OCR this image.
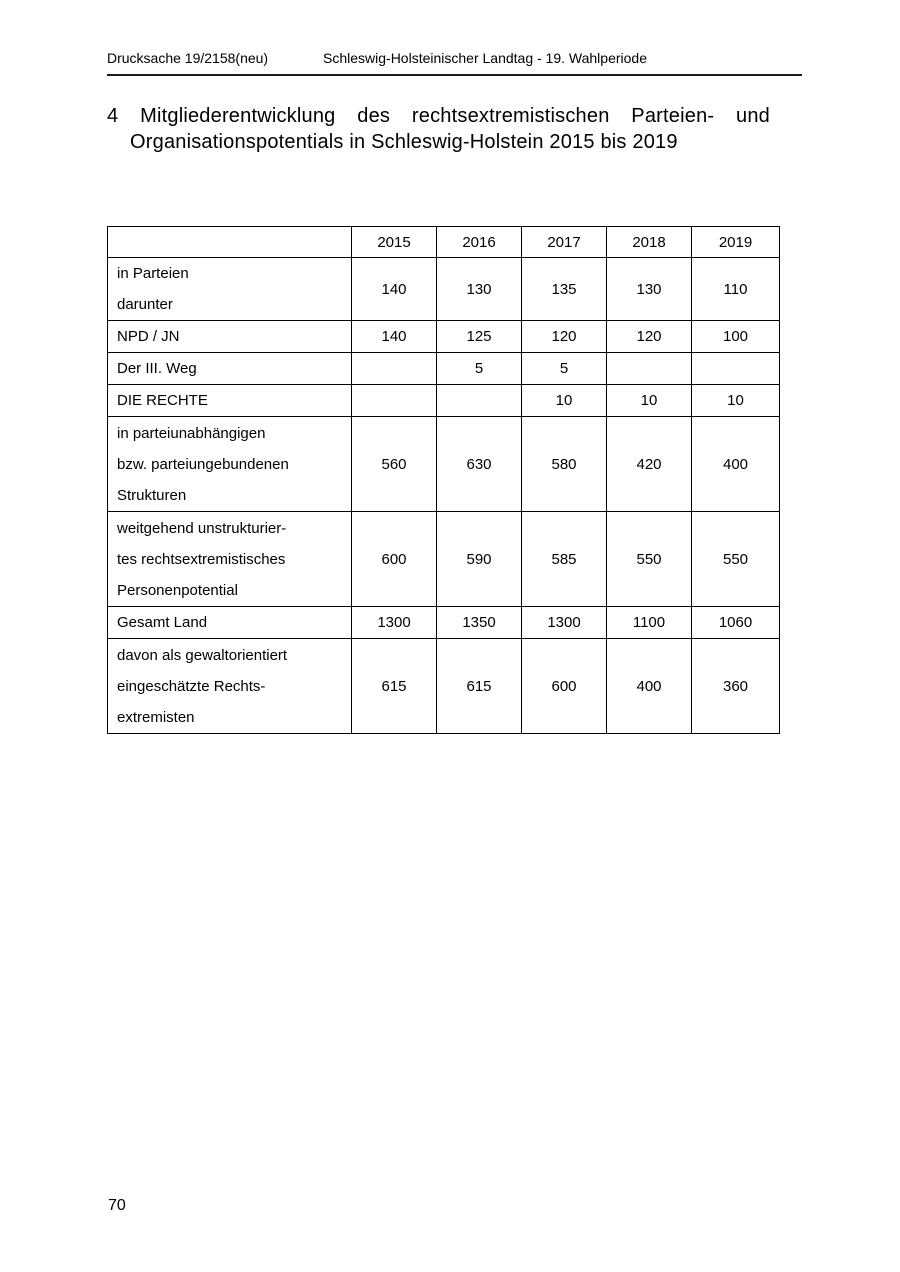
Drucksache 19/2158(neu)	Schleswig-Holsteinischer Landtag - 19. Wahlperiode
4 Mitgliederentwicklung des rechtsextremistischen Parteien- und
Organisationspotentials in Schleswig-Holstein 2015 bis 2019
	2015	2016	2017	2018	2019

in Parteien
darunter	140	130	135	130	110

NPD / JN	140	125	120	120	100

Der III. Weg		5	5		

DIE RECHTE			10	10	10

in parteiunabhängigen
bzw. parteiungebundenen
Strukturen	560	630	580	420	400

weitgehend unstrukturier-
tes rechtsextremistisches
Personenpotential	600	590	585	550	550

Gesamt Land	1300	1350	1300	1100	1060

davon als gewaltorientiert
eingeschätzte Rechts-
extremisten	615	615	600	400	360
70
